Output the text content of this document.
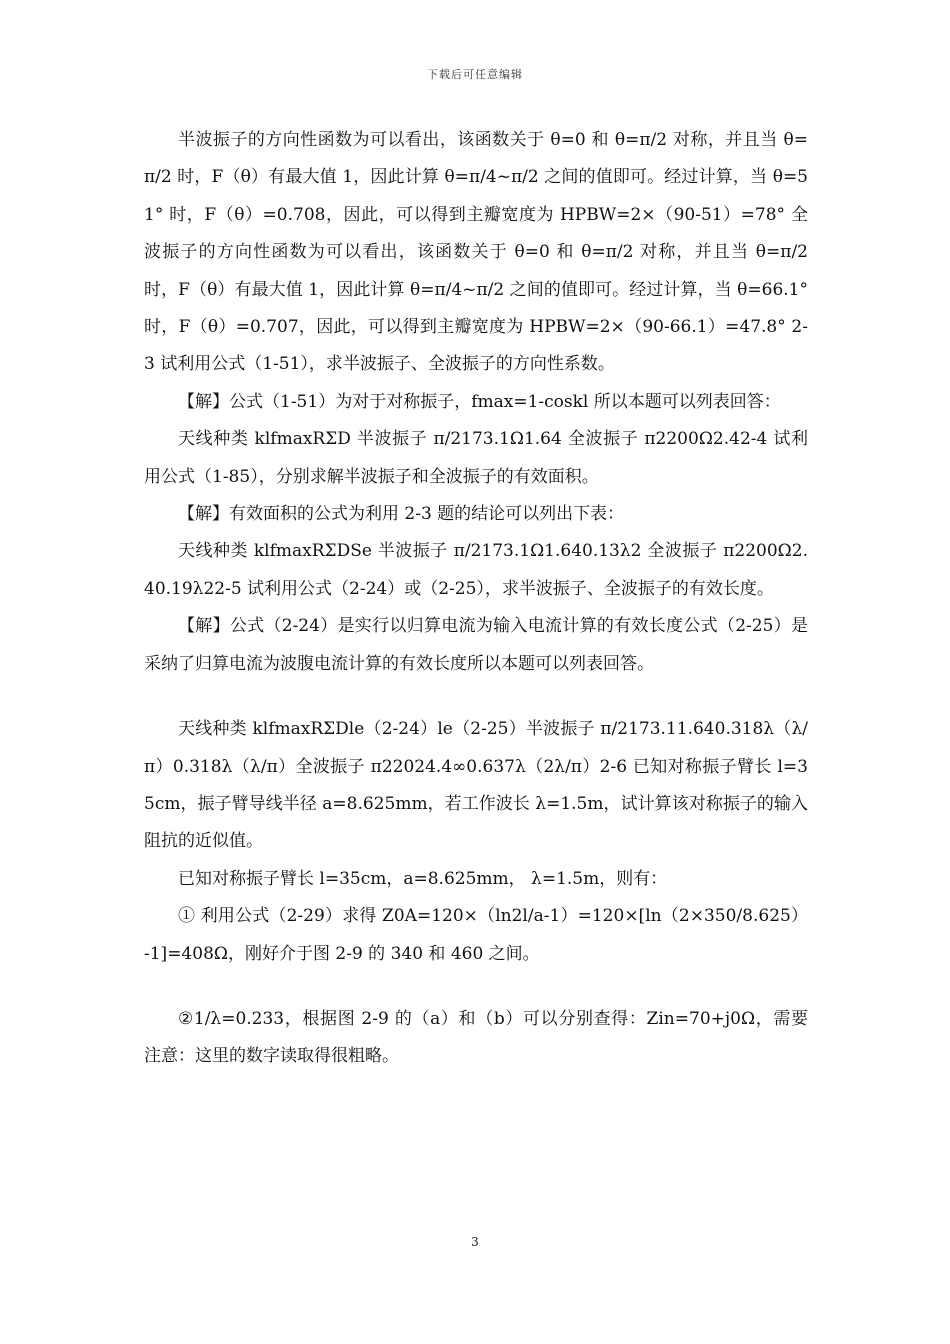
下载后可任意编辑

半波振子的方向性函数为可以看出，该函数关于 θ=0 和 θ=π/2 对称，并且当 θ=π/2 时，F（θ）有最大值 1，因此计算 θ=π/4~π/2 之间的值即可。经过计算，当 θ=51° 时，F（θ）=0.708，因此，可以得到主瓣宽度为 HPBW=2×（90-51）=78° 全波振子的方向性函数为可以看出，该函数关于 θ=0 和 θ=π/2 对称，并且当 θ=π/2 时，F（θ）有最大值 1，因此计算 θ=π/4~π/2 之间的值即可。经过计算，当 θ=66.1° 时，F（θ）=0.707，因此，可以得到主瓣宽度为 HPBW=2×（90-66.1）=47.8° 2-3 试利用公式（1-51），求半波振子、全波振子的方向性系数。

【解】公式（1-51）为对于对称振子，fmax=1-coskl 所以本题可以列表回答：

天线种类 klfmaxRΣD 半波振子 π/2173.1Ω1.64 全波振子 π2200Ω2.42-4 试利用公式（1-85），分别求解半波振子和全波振子的有效面积。

【解】有效面积的公式为利用 2-3 题的结论可以列出下表：

天线种类 klfmaxRΣDSe 半波振子 π/2173.1Ω1.640.13λ2 全波振子 π2200Ω2.40.19λ22-5 试利用公式（2-24）或（2-25），求半波振子、全波振子的有效长度。

【解】公式（2-24）是实行以归算电流为输入电流计算的有效长度公式（2-25）是采纳了归算电流为波腹电流计算的有效长度所以本题可以列表回答。

天线种类 klfmaxRΣDle（2-24）le（2-25）半波振子 π/2173.11.640.318λ（λ/π）0.318λ（λ/π）全波振子 π22024.4∞0.637λ（2λ/π）2-6 已知对称振子臂长 l=35cm，振子臂导线半径 a=8.625mm，若工作波长 λ=1.5m，试计算该对称振子的输入阻抗的近似值。

已知对称振子臂长 l=35cm，a=8.625mm， λ=1.5m，则有：

① 利用公式（2-29）求得 Z0A=120×（ln2l/a-1）=120×[ln（2×350/8.625）-1]=408Ω，刚好介于图 2-9 的 340 和 460 之间。

②1/λ=0.233，根据图 2-9 的（a）和（b）可以分别查得：Zin=70+j0Ω，需要注意：这里的数字读取得很粗略。

3
